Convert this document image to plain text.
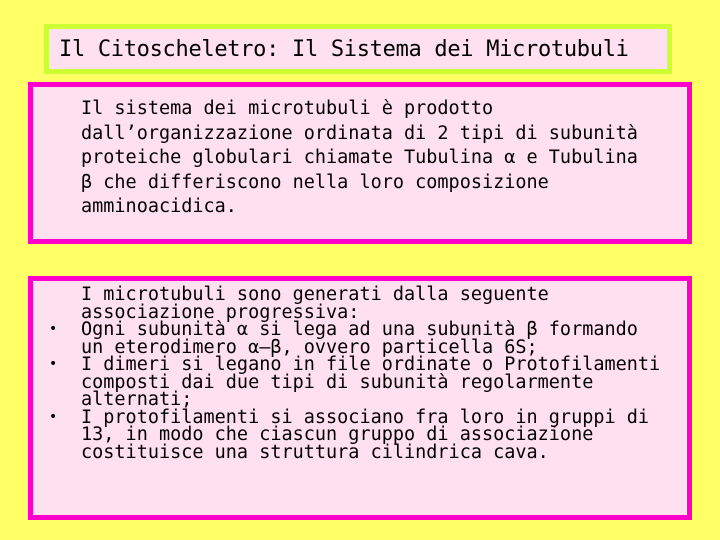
Il Citoscheletro: Il Sistema dei Microtubuli

Il sistema dei microtubuli è prodotto
dall’organizzazione ordinata di 2 tipi di subunità
proteiche globulari chiamate Tubulina α e Tubulina
β che differiscono nella loro composizione
amminoacidica.

I microtubuli sono generati dalla seguente
associazione progressiva:
• Ogni subunità α si lega ad una subunità β formando
un eterodimero α–β, ovvero particella 6S;
• I dimeri si legano in file ordinate o Protofilamenti
composti dai due tipi di subunità regolarmente
alternati;
• I protofilamenti si associano fra loro in gruppi di
13, in modo che ciascun gruppo di associazione
costituisce una struttura cilindrica cava.
